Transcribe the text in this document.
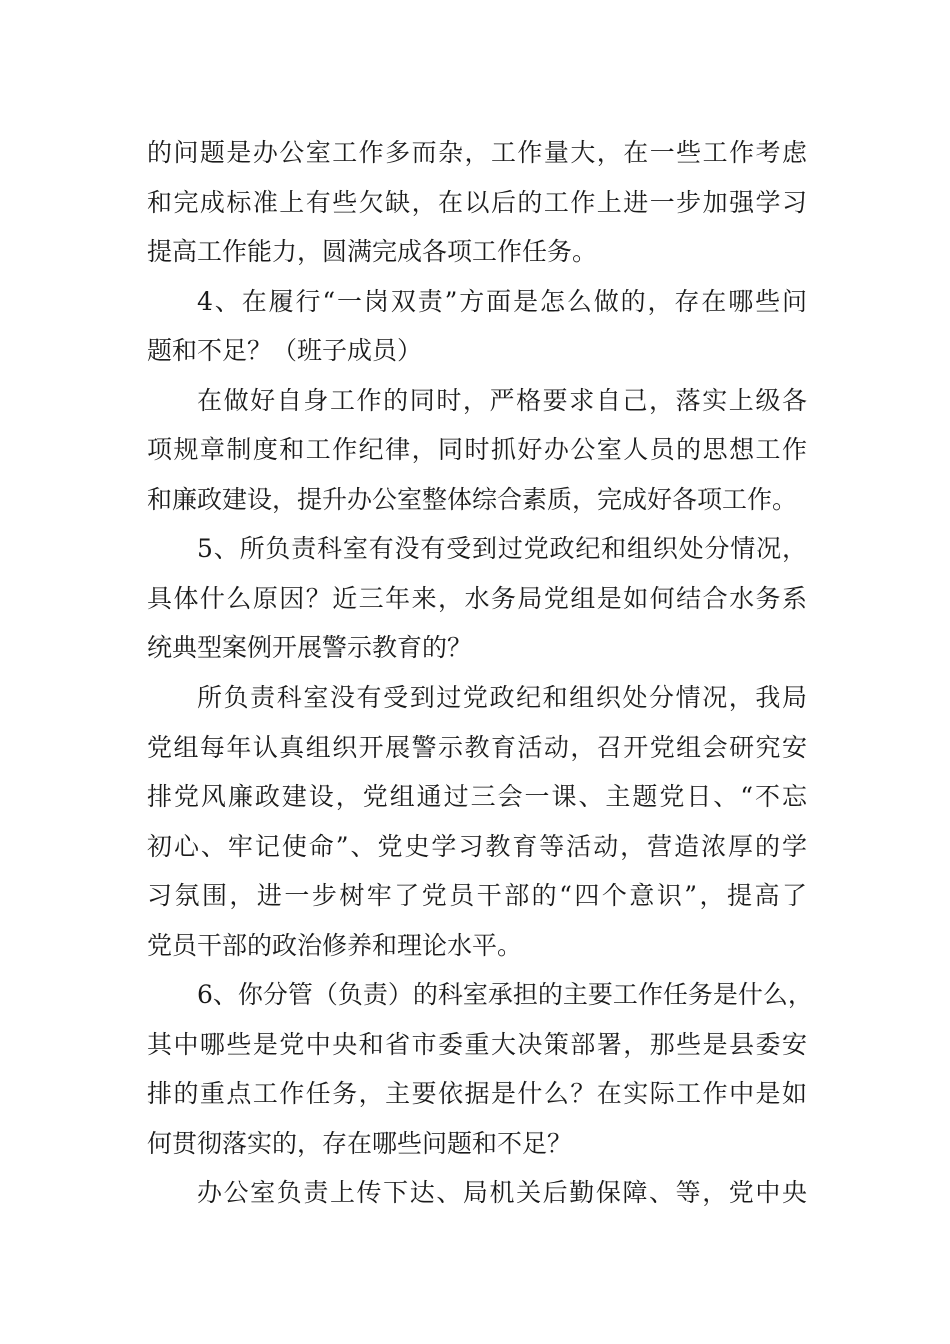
的问题是办公室工作多而杂，工作量大，在一些工作考虑
和完成标准上有些欠缺，在以后的工作上进一步加强学习
提高工作能力，圆满完成各项工作任务。
4、在履行“一岗双责”方面是怎么做的，存在哪些问
题和不足？（班子成员）
在做好自身工作的同时，严格要求自己，落实上级各
项规章制度和工作纪律，同时抓好办公室人员的思想工作
和廉政建设，提升办公室整体综合素质，完成好各项工作。
5、所负责科室有没有受到过党政纪和组织处分情况，
具体什么原因？近三年来，水务局党组是如何结合水务系
统典型案例开展警示教育的？
所负责科室没有受到过党政纪和组织处分情况，我局
党组每年认真组织开展警示教育活动，召开党组会研究安
排党风廉政建设，党组通过三会一课、主题党日、“不忘
初心、牢记使命”、党史学习教育等活动，营造浓厚的学
习氛围，进一步树牢了党员干部的“四个意识”，提高了
党员干部的政治修养和理论水平。
6、你分管（负责）的科室承担的主要工作任务是什么，
其中哪些是党中央和省市委重大决策部署，那些是县委安
排的重点工作任务，主要依据是什么？在实际工作中是如
何贯彻落实的，存在哪些问题和不足？
办公室负责上传下达、局机关后勤保障、等，党中央
